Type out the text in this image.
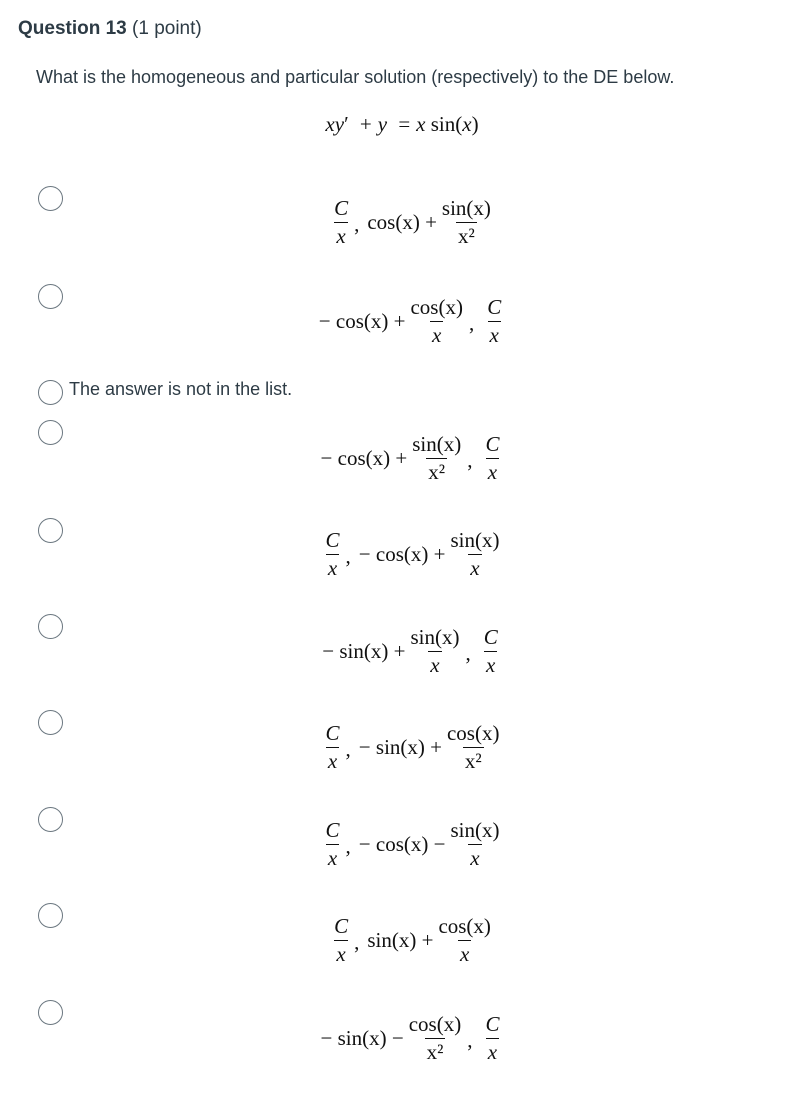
Question 13 (1 point)
What is the homogeneous and particular solution (respectively) to the DE below.
xy′ + y = x sin(x)
$\frac{C}{x}$ , $\cos(x) + \frac{\sin(x)}{\text{x²}}$
− $\cos(x) + \frac{\cos(x)}{x}$ , $\frac{C}{x}$
The answer is not in the list.
− $\cos(x) + \frac{\sin(x)}{\text{x²}}$ , $\frac{C}{x}$
$\frac{C}{x}$ , − $\cos(x) + \frac{\sin(x)}{x}$
− $\sin(x) + \frac{\sin(x)}{x}$ , $\frac{C}{x}$
$\frac{C}{x}$ , − $\sin(x) + \frac{\cos(x)}{\text{x²}}$
$\frac{C}{x}$ , − $\cos(x) - \frac{\sin(x)}{x}$
$\frac{C}{x}$ , $\sin(x) + \frac{\cos(x)}{x}$
− $\sin(x) - \frac{\cos(x)}{\text{x²}}$ , $\frac{C}{x}$
